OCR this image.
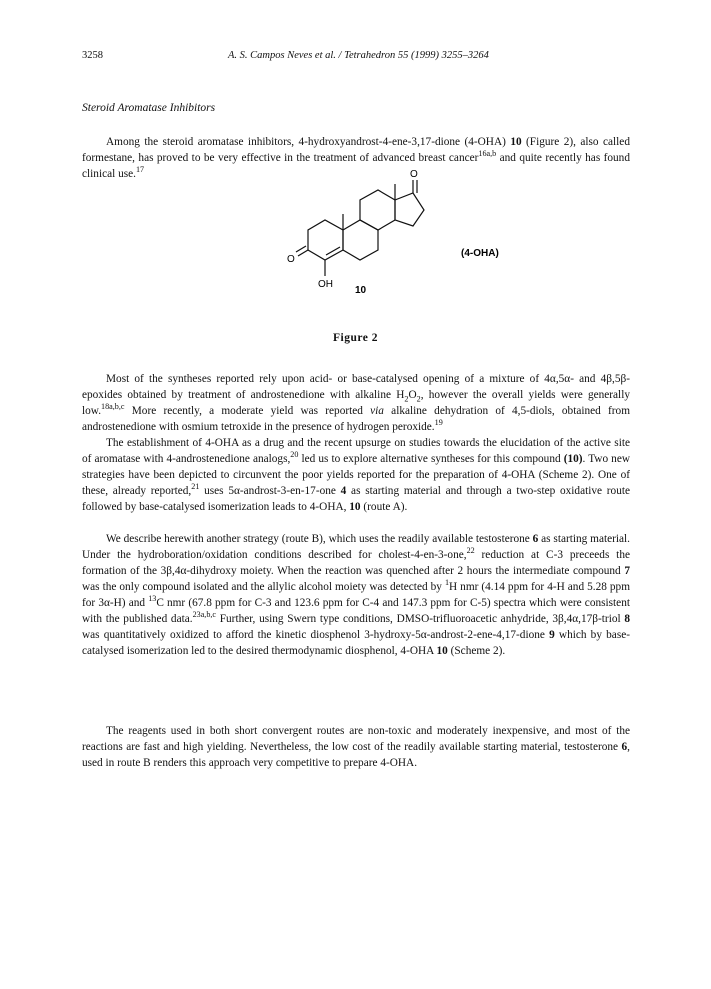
3258	A. S. Campos Neves et al. / Tetrahedron 55 (1999) 3255–3264
Steroid Aromatase Inhibitors

Among the steroid aromatase inhibitors, 4-hydroxyandrost-4-ene-3,17-dione (4-OHA) 10 (Figure 2), also called formestane, has proved to be very effective in the treatment of advanced breast cancer$^{16a,b}$ and quite recently has found clinical use.$^{17}$	O
O
OH
(4-OHA)
10
Figure 2

Most of the syntheses reported rely upon acid- or base-catalysed opening of a mixture of 4α,5α- and 4β,5β-epoxides obtained by treatment of androstenedione with alkaline $H_2O_2$, however the overall yields were generally low.$^{18a,b,c}$ More recently, a moderate yield was reported via alkaline dehydration of 4,5-diols, obtained from androstenedione with osmium tetroxide in the presence of hydrogen peroxide.$^{19}$

The establishment of 4-OHA as a drug and the recent upsurge on studies towards the elucidation of the active site of aromatase with 4-androstenedione analogs,$^{20}$ led us to explore alternative syntheses for this compound (10). Two new strategies have been depicted to circunvent the poor yields reported for the preparation of 4-OHA (Scheme 2). One of these, already reported,$^{21}$ uses 5α-androst-3-en-17-one 4 as starting material and through a two-step oxidative route followed by base-catalysed isomerization leads to 4-OHA, 10 (route A).

We describe herewith another strategy (route B), which uses the readily available testosterone 6 as starting material. Under the hydroboration/oxidation conditions described for cholest-4-en-3-one,$^{22}$ reduction at C-3 preceeds the formation of the 3β,4α-dihydroxy moiety. When the reaction was quenched after 2 hours the intermediate compound 7 was the only compound isolated and the allylic alcohol moiety was detected by $^1$H nmr (4.14 ppm for 4-H and 5.28 ppm for 3α-H) and $^{13}$C nmr (67.8 ppm for C-3 and 123.6 ppm for C-4 and 147.3 ppm for C-5) spectra which were consistent with the published data.$^{23a,b,c}$ Further, using Swern type conditions, DMSO-trifluoroacetic anhydride, 3β,4α,17β-triol 8 was quantitatively oxidized to afford the kinetic diosphenol 3-hydroxy-5α-androst-2-ene-4,17-dione 9 which by base-catalysed isomerization led to the desired thermodynamic diosphenol, 4-OHA 10 (Scheme 2).

The reagents used in both short convergent routes are non-toxic and moderately inexpensive, and most of the reactions are fast and high yielding. Nevertheless, the low cost of the readily available starting material, testosterone 6, used in route B renders this approach very competitive to prepare 4-OHA.
